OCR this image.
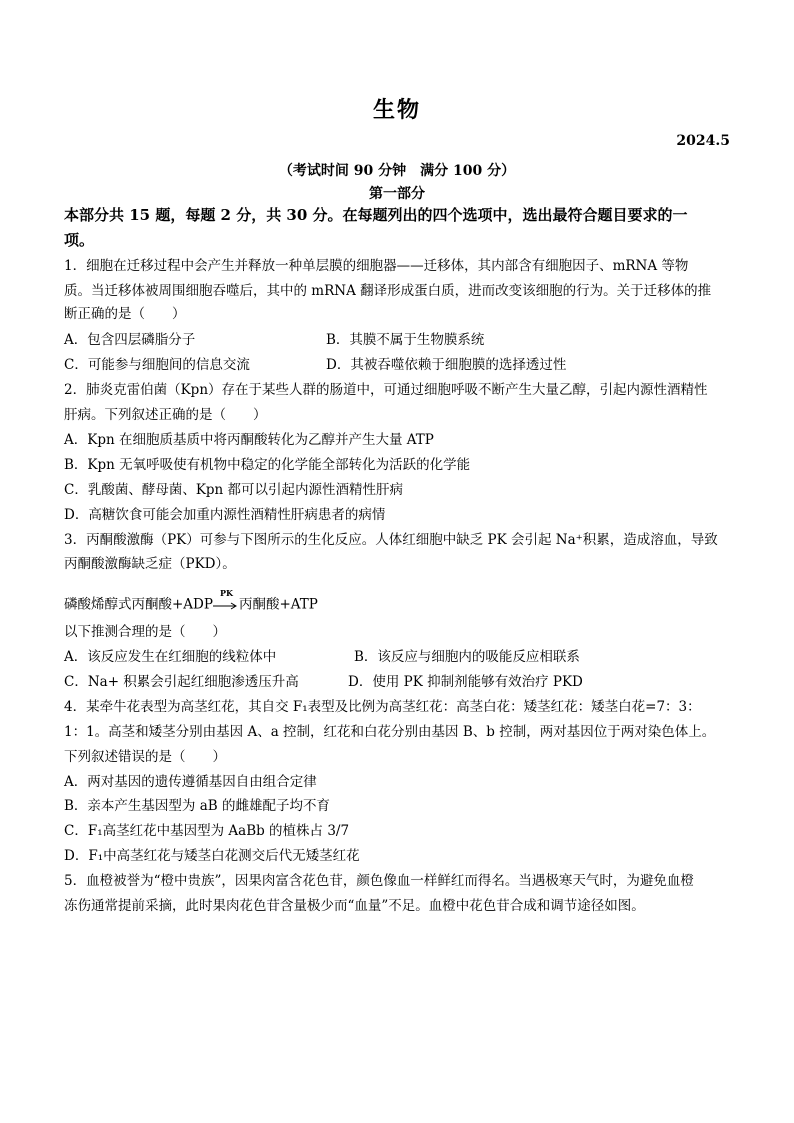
生物
2024.5
（考试时间 90 分钟　满分 100 分）
第一部分
本部分共 15 题，每题 2 分，共 30 分。在每题列出的四个选项中，选出最符合题目要求的一
项。
1．细胞在迁移过程中会产生并释放一种单层膜的细胞器——迁移体，其内部含有细胞因子、mRNA 等物
质。当迁移体被周围细胞吞噬后，其中的 mRNA 翻译形成蛋白质，进而改变该细胞的行为。关于迁移体的推
断正确的是（　　）
A．包含四层磷脂分子	B．其膜不属于生物膜系统
C．可能参与细胞间的信息交流	D．其被吞噬依赖于细胞膜的选择透过性
2．肺炎克雷伯菌（Kpn）存在于某些人群的肠道中，可通过细胞呼吸不断产生大量乙醇，引起内源性酒精性
肝病。下列叙述正确的是（　　）
A．Kpn 在细胞质基质中将丙酮酸转化为乙醇并产生大量 ATP
B．Kpn 无氧呼吸使有机物中稳定的化学能全部转化为活跃的化学能
C．乳酸菌、酵母菌、Kpn 都可以引起内源性酒精性肝病
D．高糖饮食可能会加重内源性酒精性肝病患者的病情
3．丙酮酸激酶（PK）可参与下图所示的生化反应。人体红细胞中缺乏 PK 会引起 Na⁺积累，造成溶血，导致
丙酮酸激酶缺乏症（PKD）。
磷酸烯醇式丙酮酸+ADP
PK
丙酮酸+ATP
以下推测合理的是（　　）
A．该反应发生在红细胞的线粒体中	B．该反应与细胞内的吸能反应相联系
C．Na+ 积累会引起红细胞渗透压升高	D．使用 PK 抑制剂能够有效治疗 PKD
4．某牵牛花表型为高茎红花，其自交 F₁表型及比例为高茎红花：高茎白花：矮茎红花：矮茎白花=7：3：
1：1。高茎和矮茎分别由基因 A、a 控制，红花和白花分别由基因 B、b 控制，两对基因位于两对染色体上。
下列叙述错误的是（　　）
A．两对基因的遗传遵循基因自由组合定律
B．亲本产生基因型为 aB 的雌雄配子均不育
C．F₁高茎红花中基因型为 AaBb 的植株占 3/7
D．F₁中高茎红花与矮茎白花测交后代无矮茎红花
5．血橙被誉为“橙中贵族”，因果肉富含花色苷，颜色像血一样鲜红而得名。当遇极寒天气时，为避免血橙
冻伤通常提前采摘，此时果肉花色苷含量极少而“血量”不足。血橙中花色苷合成和调节途径如图。
